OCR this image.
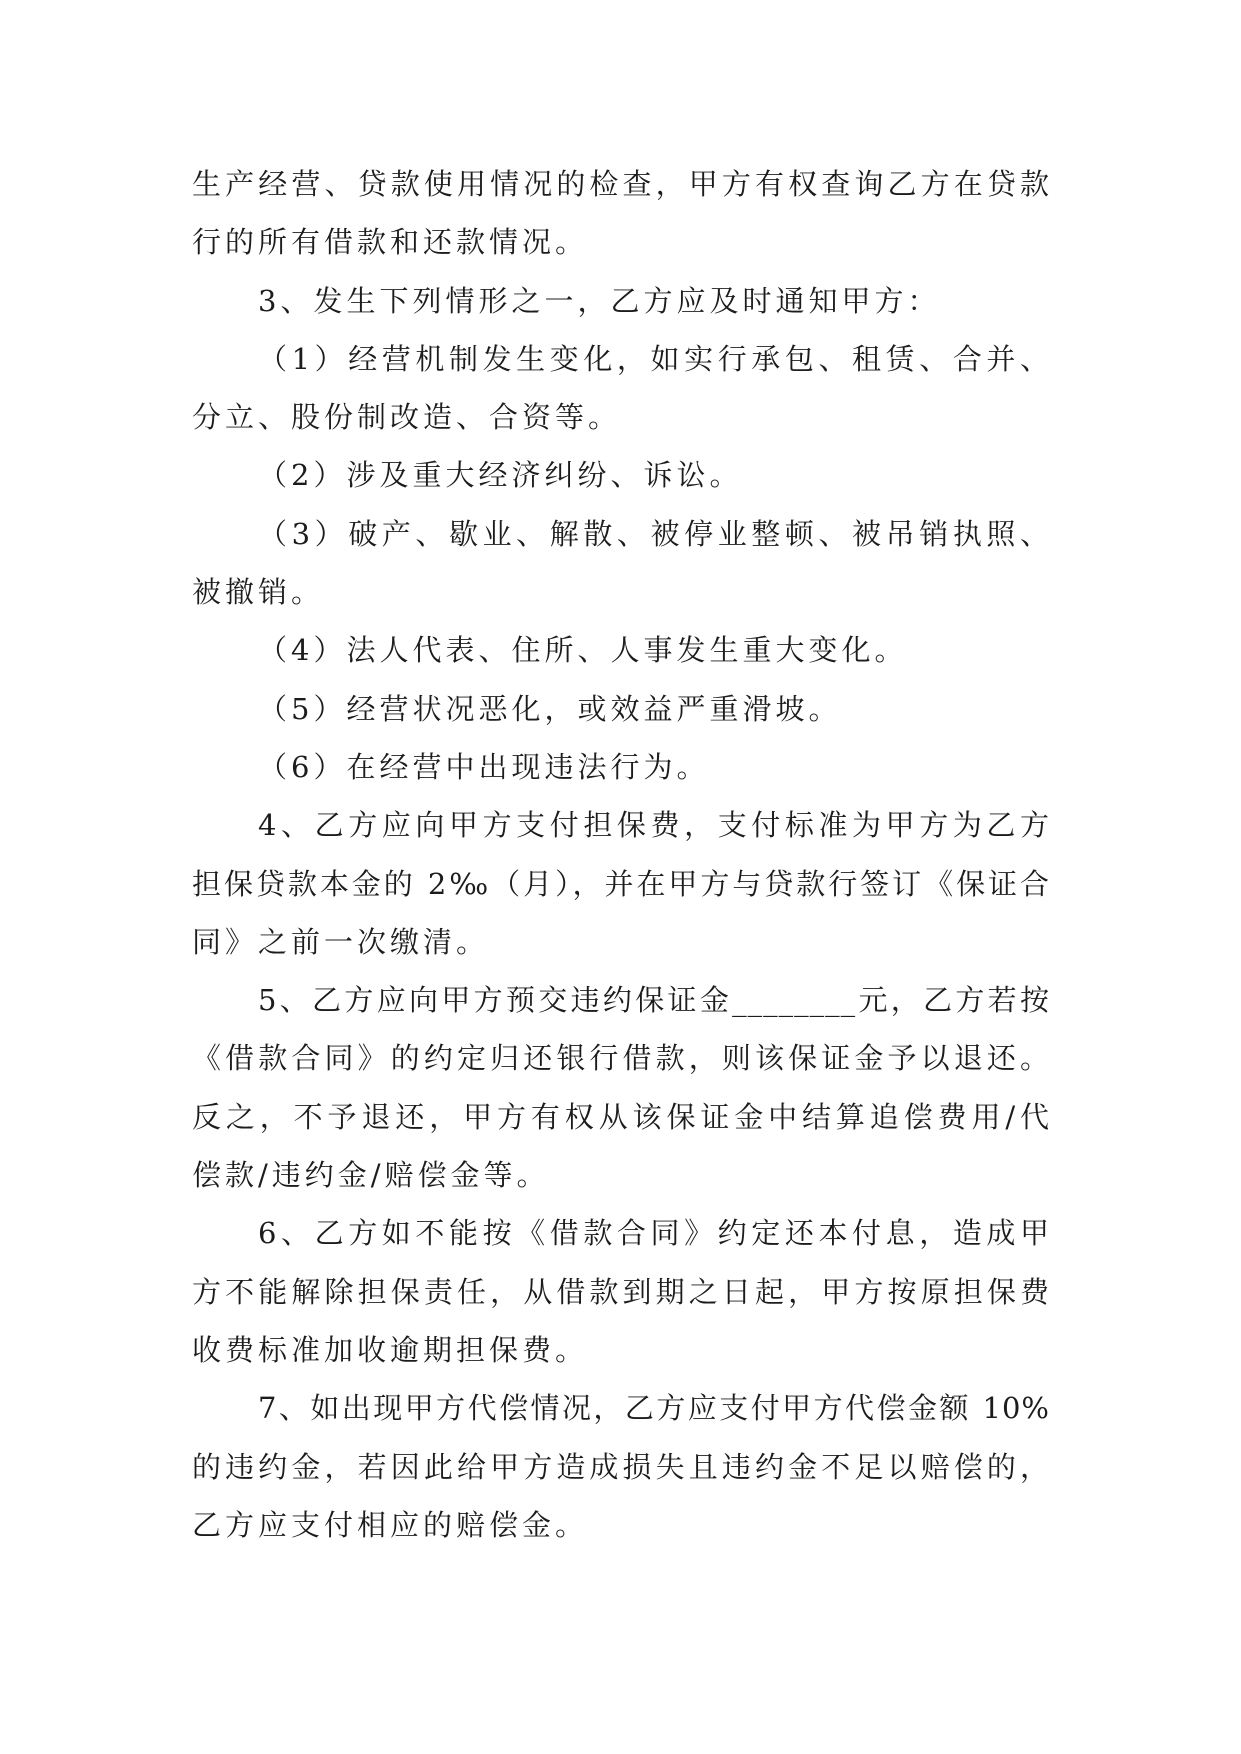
生产经营、贷款使用情况的检查，甲方有权查询乙方在贷款
行的所有借款和还款情况。
3、发生下列情形之一，乙方应及时通知甲方：
（1）经营机制发生变化，如实行承包、租赁、合并、
分立、股份制改造、合资等。
（2）涉及重大经济纠纷、诉讼。
（3）破产、歇业、解散、被停业整顿、被吊销执照、
被撤销。
（4）法人代表、住所、人事发生重大变化。
（5）经营状况恶化，或效益严重滑坡。
（6）在经营中出现违法行为。
4、乙方应向甲方支付担保费，支付标准为甲方为乙方
担保贷款本金的 2‰（月），并在甲方与贷款行签订《保证合
同》之前一次缴清。
5、乙方应向甲方预交违约保证金________元，乙方若按
《借款合同》的约定归还银行借款，则该保证金予以退还。
反之，不予退还，甲方有权从该保证金中结算追偿费用/代
偿款/违约金/赔偿金等。
6、乙方如不能按《借款合同》约定还本付息，造成甲
方不能解除担保责任，从借款到期之日起，甲方按原担保费
收费标准加收逾期担保费。
7、如出现甲方代偿情况，乙方应支付甲方代偿金额 10%
的违约金，若因此给甲方造成损失且违约金不足以赔偿的，
乙方应支付相应的赔偿金。
